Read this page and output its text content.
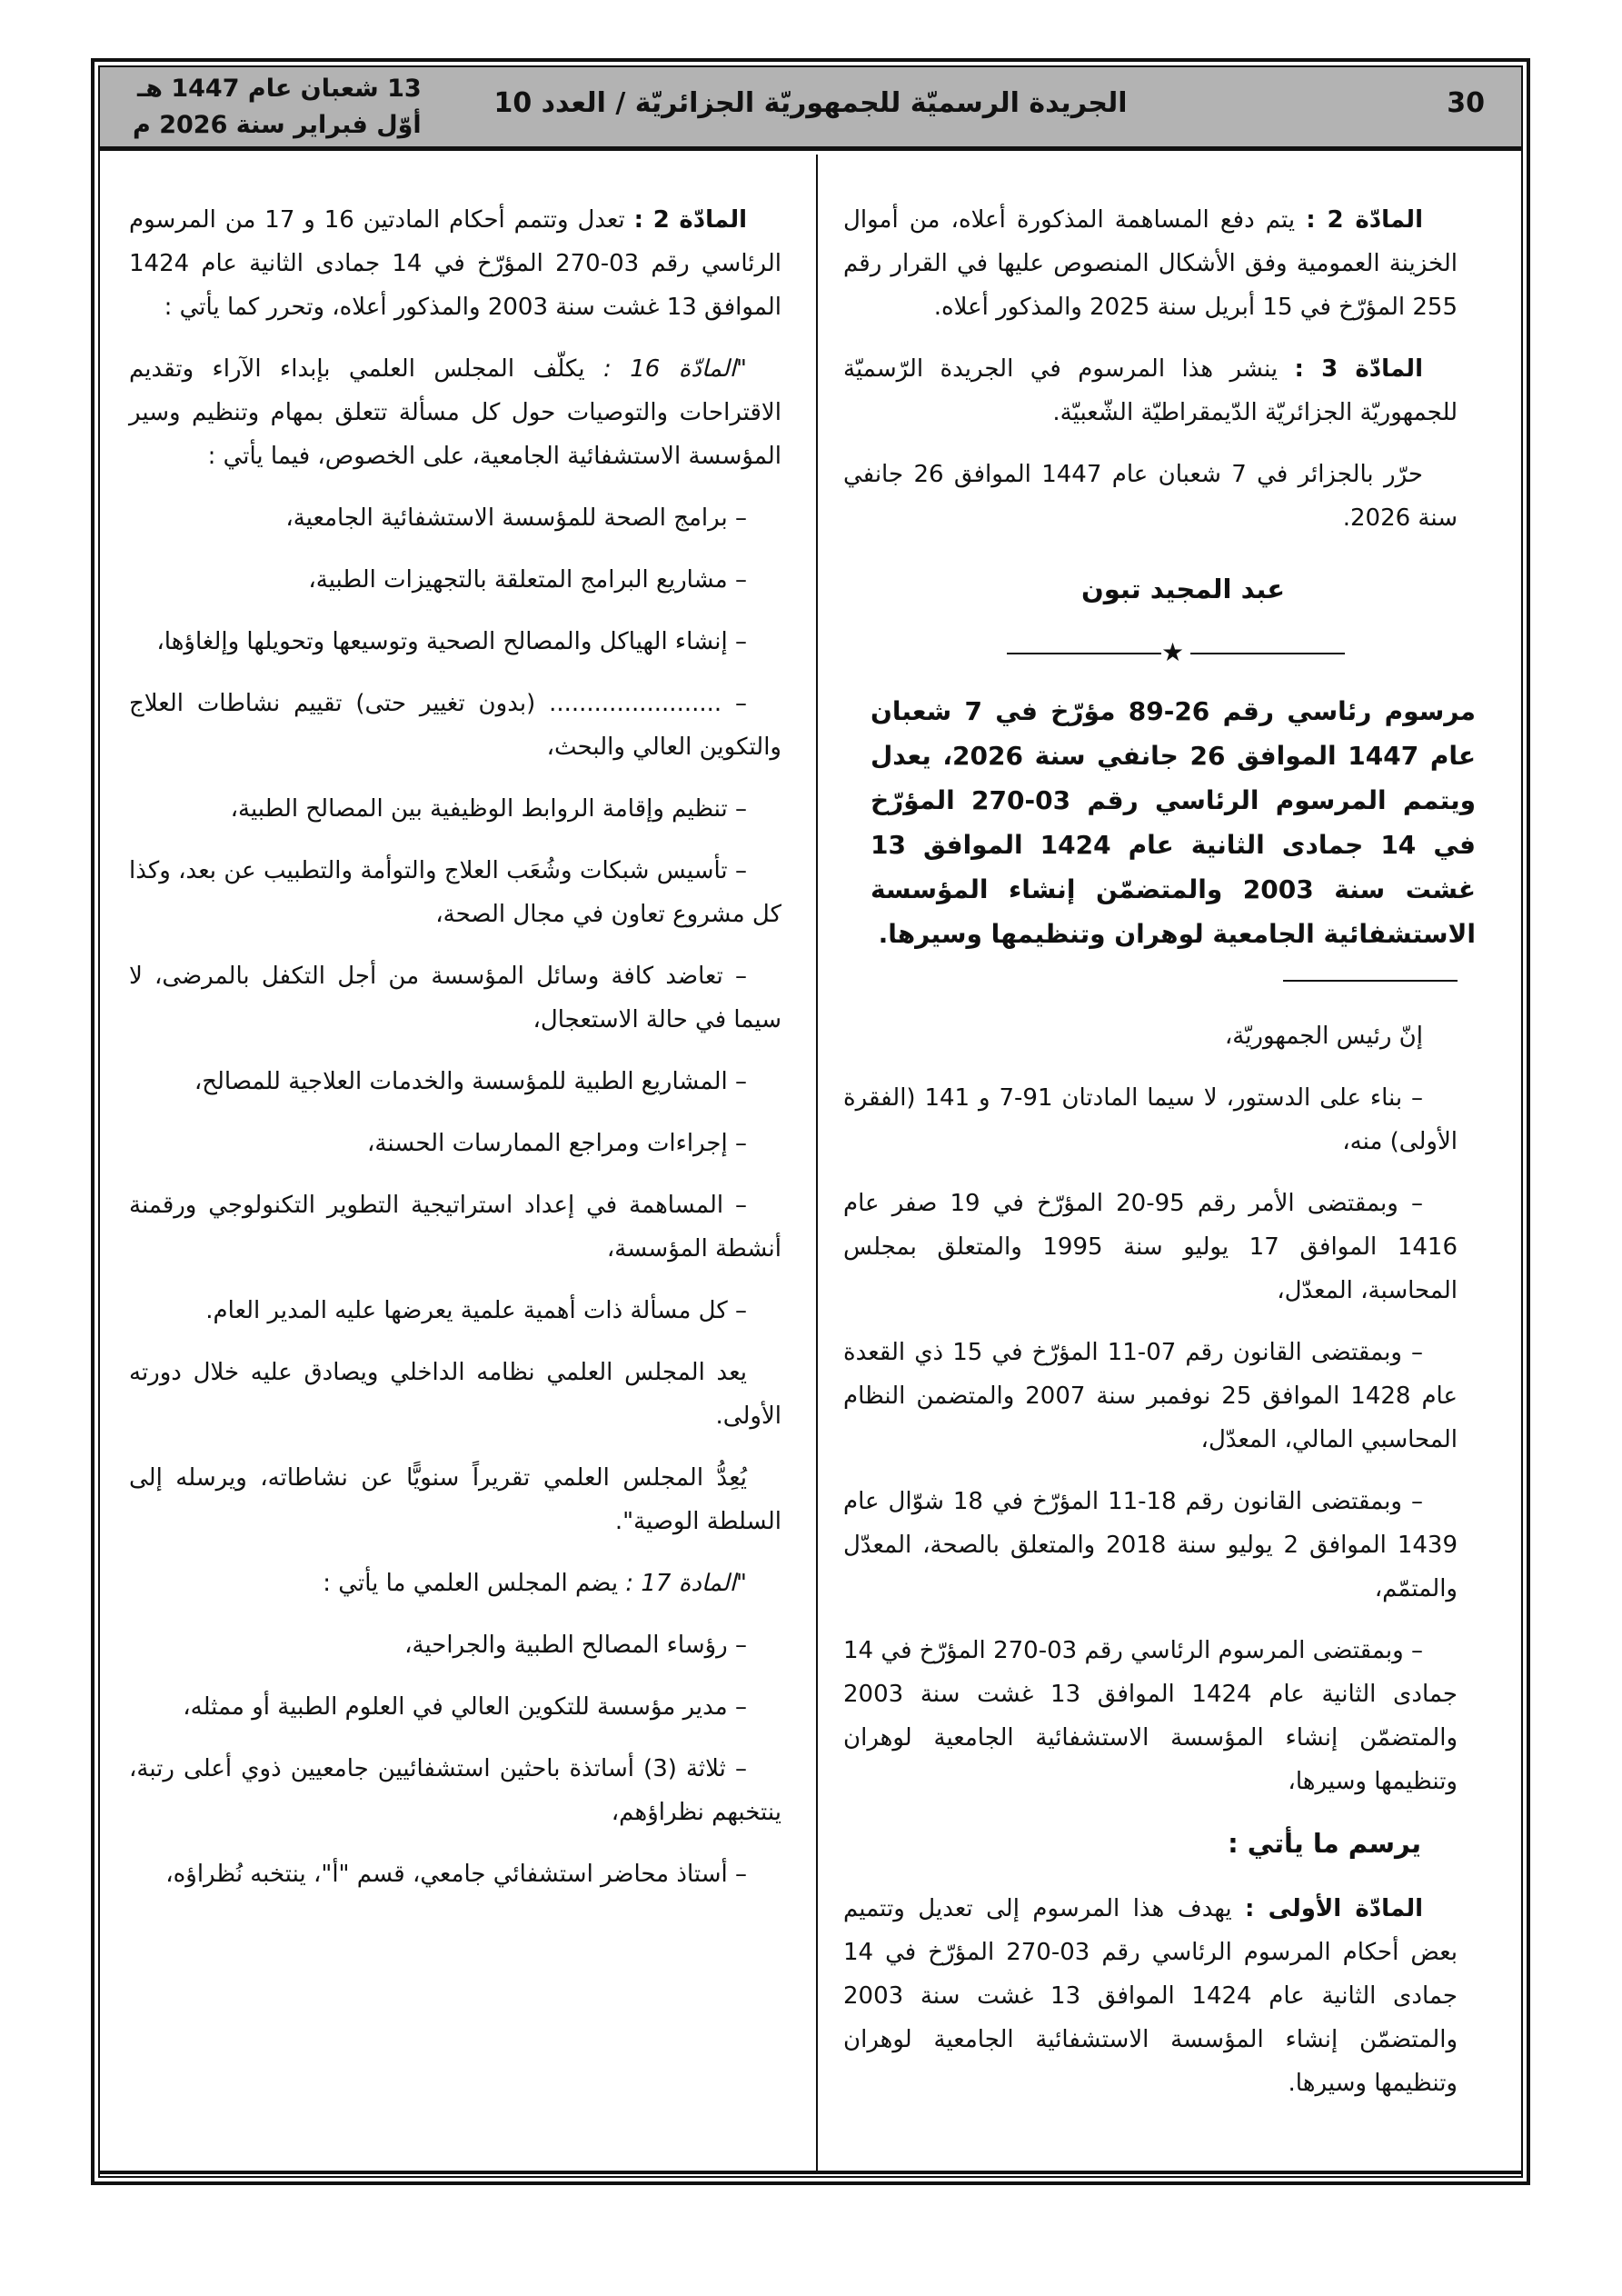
30
الجريدة الرسميّة للجمهوريّة الجزائريّة / العدد 10
13 شعبان عام 1447 هـ
أوّل فبراير سنة 2026 م

المادّة 2 : يتم دفع المساهمة المذكورة أعلاه، من أموال الخزينة العمومية وفق الأشكال المنصوص عليها في القرار رقم 255 المؤرّخ في 15 أبريل سنة 2025 والمذكور أعلاه.

المادّة 3 : ينشر هذا المرسوم في الجريدة الرّسميّة للجمهوريّة الجزائريّة الدّيمقراطيّة الشّعبيّة.

حرّر بالجزائر في 7 شعبان عام 1447 الموافق 26 جانفي سنة 2026.

عبد المجيد تبون
★
مرسوم رئاسي رقم 26-89 مؤرّخ في 7 شعبان عام 1447 الموافق 26 جانفي سنة 2026، يعدل ويتمم المرسوم الرئاسي رقم 03-270 المؤرّخ في 14 جمادى الثانية عام 1424 الموافق 13 غشت سنة 2003 والمتضمّن إنشاء المؤسسة الاستشفائية الجامعية لوهران وتنظيمها وسيرها.

إنّ رئيس الجمهوريّة،

– بناء على الدستور، لا سيما المادتان 91-7 و 141 (الفقرة الأولى) منه،

– وبمقتضى الأمر رقم 95-20 المؤرّخ في 19 صفر عام 1416 الموافق 17 يوليو سنة 1995 والمتعلق بمجلس المحاسبة، المعدّل،

– وبمقتضى القانون رقم 07-11 المؤرّخ في 15 ذي القعدة عام 1428 الموافق 25 نوفمبر سنة 2007 والمتضمن النظام المحاسبي المالي، المعدّل،

– وبمقتضى القانون رقم 18-11 المؤرّخ في 18 شوّال عام 1439 الموافق 2 يوليو سنة 2018 والمتعلق بالصحة، المعدّل والمتمّم،

– وبمقتضى المرسوم الرئاسي رقم 03-270 المؤرّخ في 14 جمادى الثانية عام 1424 الموافق 13 غشت سنة 2003 والمتضمّن إنشاء المؤسسة الاستشفائية الجامعية لوهران وتنظيمها وسيرها،

يرسم ما يأتي :

المادّة الأولى : يهدف هذا المرسوم إلى تعديل وتتميم بعض أحكام المرسوم الرئاسي رقم 03-270 المؤرّخ في 14 جمادى الثانية عام 1424 الموافق 13 غشت سنة 2003 والمتضمّن إنشاء المؤسسة الاستشفائية الجامعية لوهران وتنظيمها وسيرها.

المادّة 2 : تعدل وتتمم أحكام المادتين 16 و 17 من المرسوم الرئاسي رقم 03-270 المؤرّخ في 14 جمادى الثانية عام 1424 الموافق 13 غشت سنة 2003 والمذكور أعلاه، وتحرر كما يأتي :

"المادّة 16 : يكلّف المجلس العلمي بإبداء الآراء وتقديم الاقتراحات والتوصيات حول كل مسألة تتعلق بمهام وتنظيم وسير المؤسسة الاستشفائية الجامعية، على الخصوص، فيما يأتي :

– برامج الصحة للمؤسسة الاستشفائية الجامعية،

– مشاريع البرامج المتعلقة بالتجهيزات الطبية،

– إنشاء الهياكل والمصالح الصحية وتوسيعها وتحويلها وإلغاؤها،

– ....................... (بدون تغيير حتى) تقييم نشاطات العلاج والتكوين العالي والبحث،

– تنظيم وإقامة الروابط الوظيفية بين المصالح الطبية،

– تأسيس شبكات وشُعَب العلاج والتوأمة والتطبيب عن بعد، وكذا كل مشروع تعاون في مجال الصحة،

– تعاضد كافة وسائل المؤسسة من أجل التكفل بالمرضى، لا سيما في حالة الاستعجال،

– المشاريع الطبية للمؤسسة والخدمات العلاجية للمصالح،

– إجراءات ومراجع الممارسات الحسنة،

– المساهمة في إعداد استراتيجية التطوير التكنولوجي ورقمنة أنشطة المؤسسة،

– كل مسألة ذات أهمية علمية يعرضها عليه المدير العام.

يعد المجلس العلمي نظامه الداخلي ويصادق عليه خلال دورته الأولى.

يُعِدُّ المجلس العلمي تقريراً سنويًّا عن نشاطاته، ويرسله إلى السلطة الوصية".

"المادة 17 : يضم المجلس العلمي ما يأتي :

– رؤساء المصالح الطبية والجراحية،

– مدير مؤسسة للتكوين العالي في العلوم الطبية أو ممثله،

– ثلاثة (3) أساتذة باحثين استشفائيين جامعيين ذوي أعلى رتبة، ينتخبهم نظراؤهم،

– أستاذ محاضر استشفائي جامعي، قسم "أ"، ينتخبه نُظراؤه،
